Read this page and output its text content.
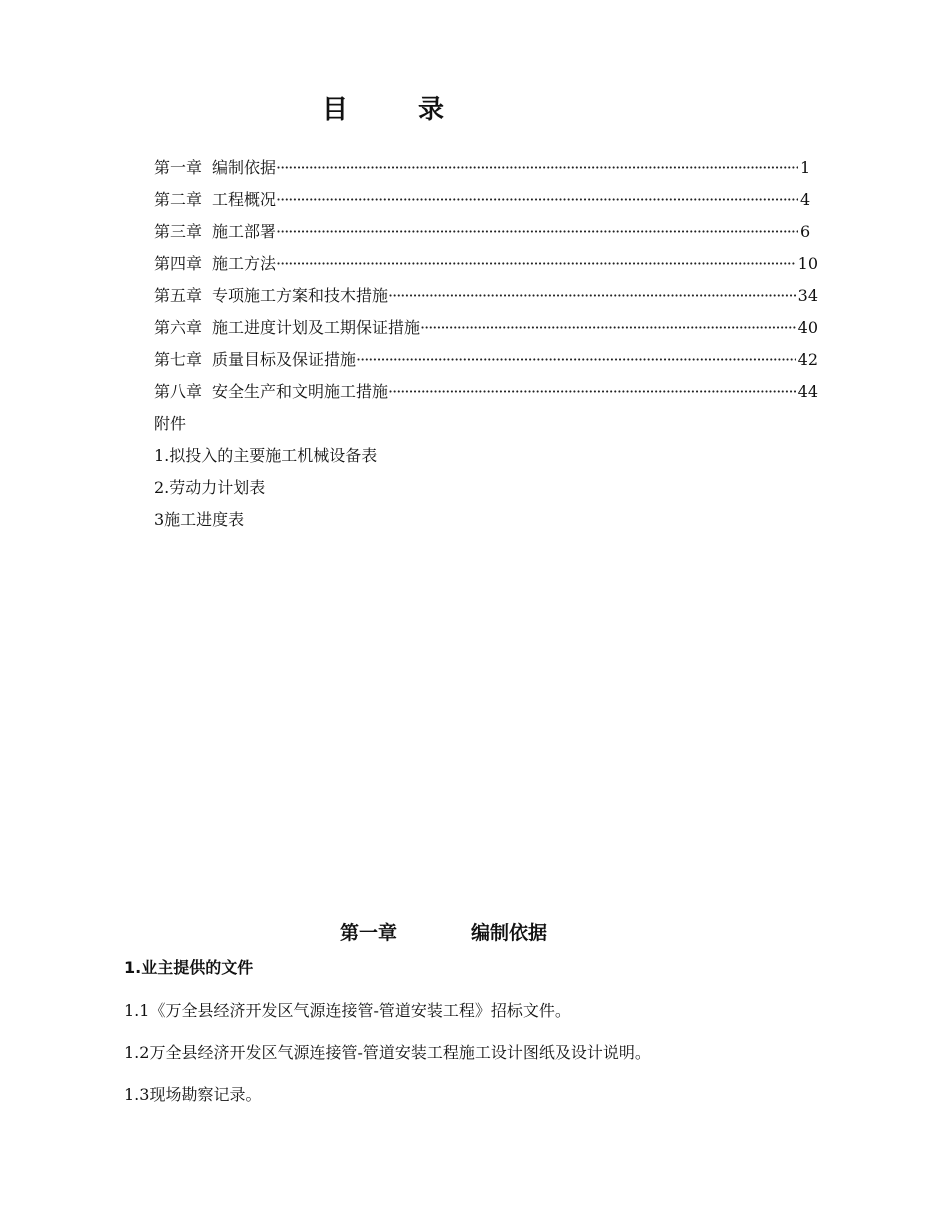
目	录
第一章 编制依据 ·····	1
第二章 工程概况 ·····	4
第三章 施工部署 ·····	6
第四章 施工方法 ·····	10
第五章 专项施工方案和技木措施 ·····	34
第六章 施工进度计划及工期保证措施 ·····	40
第七章 质量目标及保证措施 ·····	42
第八章 安全生产和文明施工措施 ·····	44
附件
1.拟投入的主要施工机械设备表
2.劳动力计划表
3施工进度表
第一章	编制依据
1.业主提供的文件
1.1《万全县经济开发区气源连接管-管道安装工程》招标文件。
1.2万全县经济开发区气源连接管-管道安装工程施工设计图纸及设计说明。
1.3现场勘察记录。
